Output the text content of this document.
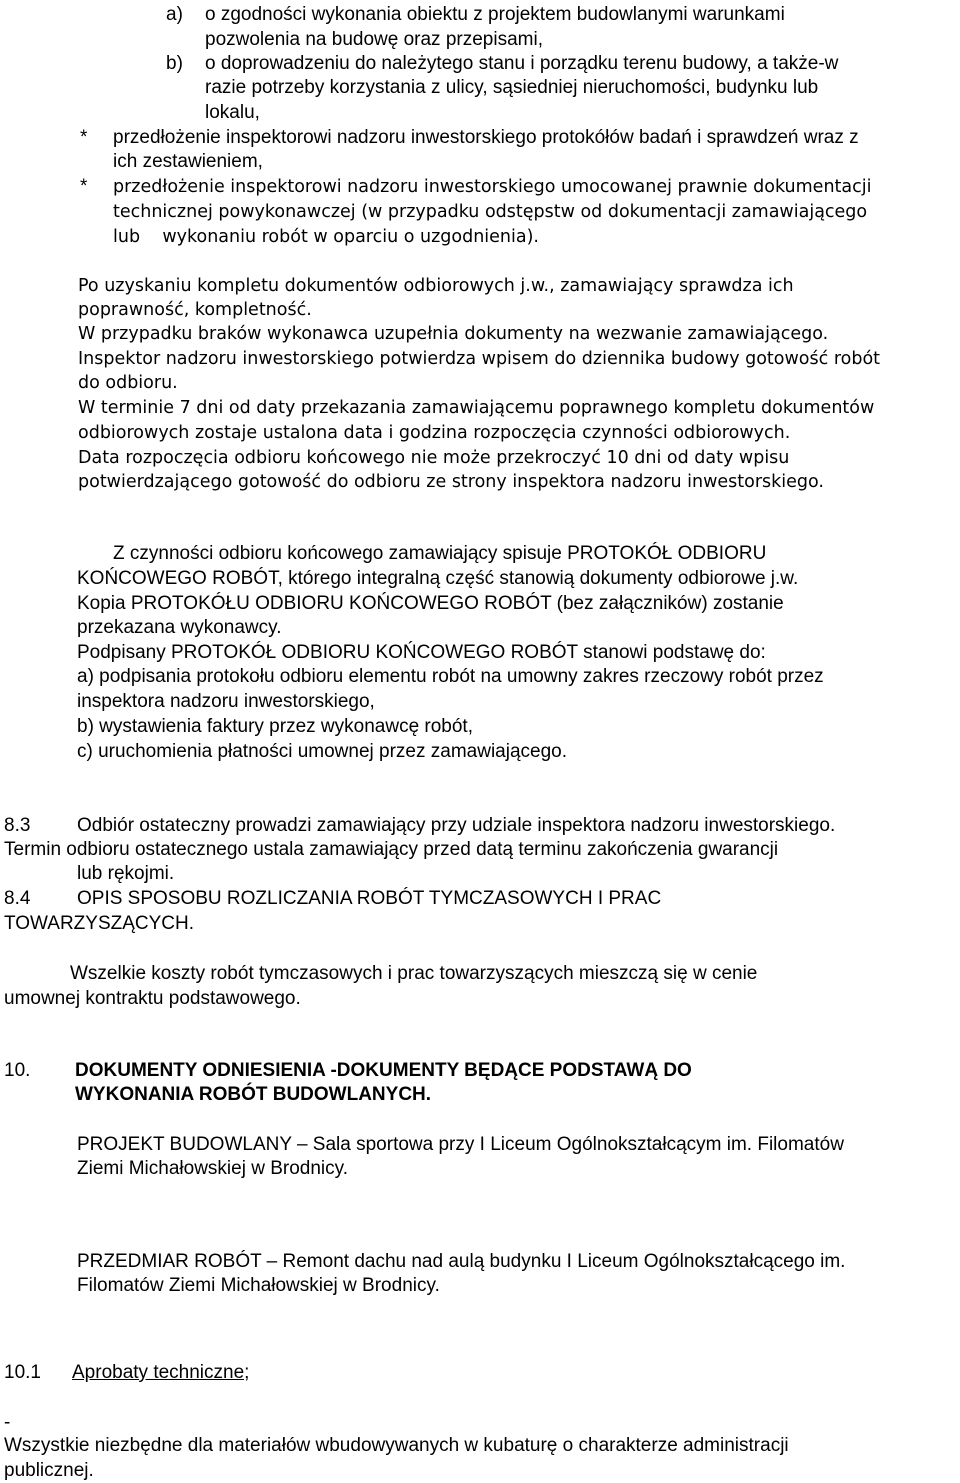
a) o zgodności wykonania obiektu z projektem budowlanymi warunkami
pozwolenia na budowę oraz przepisami,
b) o doprowadzeniu do należytego stanu i porządku terenu budowy, a także-w
razie potrzeby korzystania z ulicy, sąsiedniej nieruchomości, budynku lub
lokalu,
* przedłożenie inspektorowi nadzoru inwestorskiego protokółów badań i sprawdzeń wraz z
ich zestawieniem,
* przedłożenie inspektorowi nadzoru inwestorskiego umocowanej prawnie dokumentacji
technicznej powykonawczej (w przypadku odstępstw od dokumentacji zamawiającego
lub    wykonaniu robót w oparciu o uzgodnienia).
Po uzyskaniu kompletu dokumentów odbiorowych j.w., zamawiający sprawdza ich
poprawność, kompletność.
W przypadku braków wykonawca uzupełnia dokumenty na wezwanie zamawiającego.
Inspektor nadzoru inwestorskiego potwierdza wpisem do dziennika budowy gotowość robót
do odbioru.
W terminie 7 dni od daty przekazania zamawiającemu poprawnego kompletu dokumentów
odbiorowych zostaje ustalona data i godzina rozpoczęcia czynności odbiorowych.
Data rozpoczęcia odbioru końcowego nie może przekroczyć 10 dni od daty wpisu
potwierdzającego gotowość do odbioru ze strony inspektora nadzoru inwestorskiego.
Z czynności odbioru końcowego zamawiający spisuje PROTOKÓŁ ODBIORU
KOŃCOWEGO ROBÓT, którego integralną część stanowią dokumenty odbiorowe j.w.
Kopia PROTOKÓŁU ODBIORU KOŃCOWEGO ROBÓT (bez załączników) zostanie
przekazana wykonawcy.
Podpisany PROTOKÓŁ ODBIORU KOŃCOWEGO ROBÓT stanowi podstawę do:
a) podpisania protokołu odbioru elementu robót na umowny zakres rzeczowy robót przez
inspektora nadzoru inwestorskiego,
b) wystawienia faktury przez wykonawcę robót,
c) uruchomienia płatności umownej przez zamawiającego.
8.3 Odbiór ostateczny prowadzi zamawiający przy udziale inspektora nadzoru inwestorskiego.
Termin odbioru ostatecznego ustala zamawiający przed datą terminu zakończenia gwarancji
lub rękojmi.
8.4 OPIS SPOSOBU ROZLICZANIA ROBÓT TYMCZASOWYCH I PRAC
TOWARZYSZĄCYCH.
Wszelkie koszty robót tymczasowych i prac towarzyszących mieszczą się w cenie
umownej kontraktu podstawowego.
10. DOKUMENTY ODNIESIENIA -DOKUMENTY BĘDĄCE PODSTAWĄ DO
WYKONANIA ROBÓT BUDOWLANYCH.
PROJEKT BUDOWLANY – Sala sportowa przy I Liceum Ogólnokształcącym im. Filomatów
Ziemi Michałowskiej w Brodnicy.
PRZEDMIAR ROBÓT – Remont dachu nad aulą budynku I Liceum Ogólnokształcącego im.
Filomatów Ziemi Michałowskiej w Brodnicy.
10.1 Aprobaty techniczne;
-
Wszystkie niezbędne dla materiałów wbudowywanych w kubaturę o charakterze administracji
publicznej.
